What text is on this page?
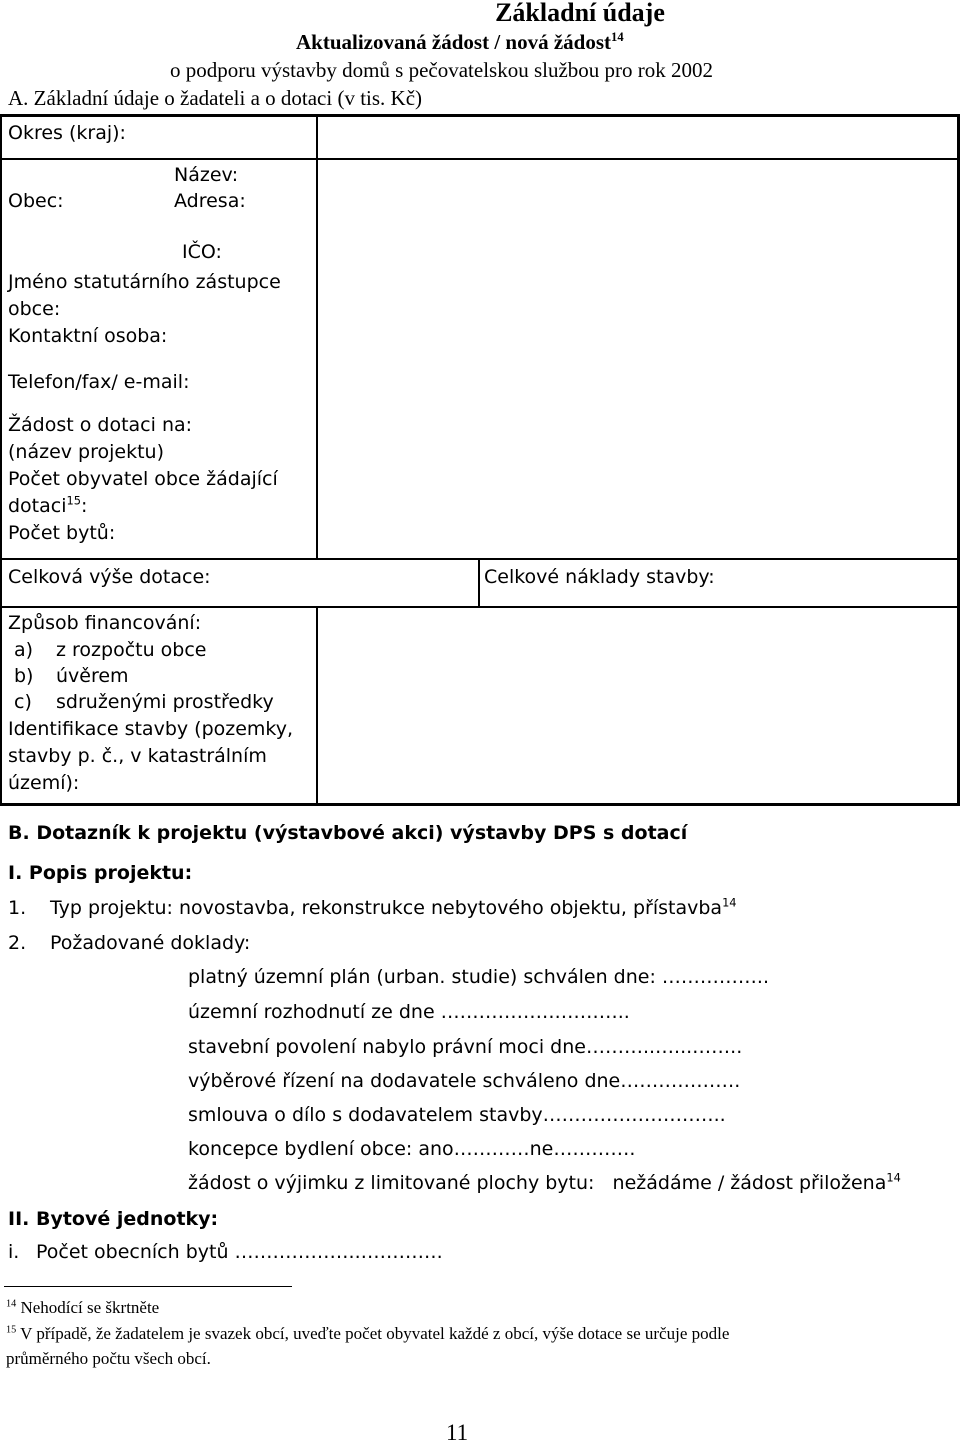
Základní údaje
Aktualizovaná žádost / nová žádost$^{14}$
o podporu výstavby domů s pečovatelskou službou pro rok 2002
A. Základní údaje o žadateli a o dotaci (v tis. Kč)
Okres (kraj):
Obec:
Název:
Adresa:
IČO:
Jméno statutárního zástupce
obce:
Kontaktní osoba:
Telefon/fax/ e-mail:
Žádost o dotaci na:
(název projektu)
Počet obyvatel obce žádající
dotaci$^{15}$:
Počet bytů:
Celková výše dotace:	Celkové náklady stavby:
Způsob financování:
a) z rozpočtu obce
b) úvěrem
c) sdruženými prostředky
Identifikace stavby (pozemky,
stavby p. č., v katastrálním
území):
B. Dotazník k projektu (výstavbové akci) výstavby DPS s dotací
I. Popis projektu:
1. Typ projektu: novostavba, rekonstrukce nebytového objektu, přístavba$^{14}$
2. Požadované doklady:
platný územní plán (urban. studie) schválen dne: ……………..
územní rozhodnutí ze dne ……………….………..
stavební povolení nabylo právní moci dne………..…...……..
výběrové řízení na dodavatele schváleno dne……………….
smlouva o dílo s dodavatelem stavby………………………..
koncepce bydlení obce: ano…………ne………….
žádost o výjimku z limitované plochy bytu:   nežádáme / žádost přiložena$^{14}$
II. Bytové jednotky:
i. Počet obecních bytů ………………..………….
$^{14}$ Nehodící se škrtněte
$^{15}$ V případě, že žadatelem je svazek obcí, uveďte počet obyvatel každé z obcí, výše dotace se určuje podle
průměrného počtu všech obcí.
11
